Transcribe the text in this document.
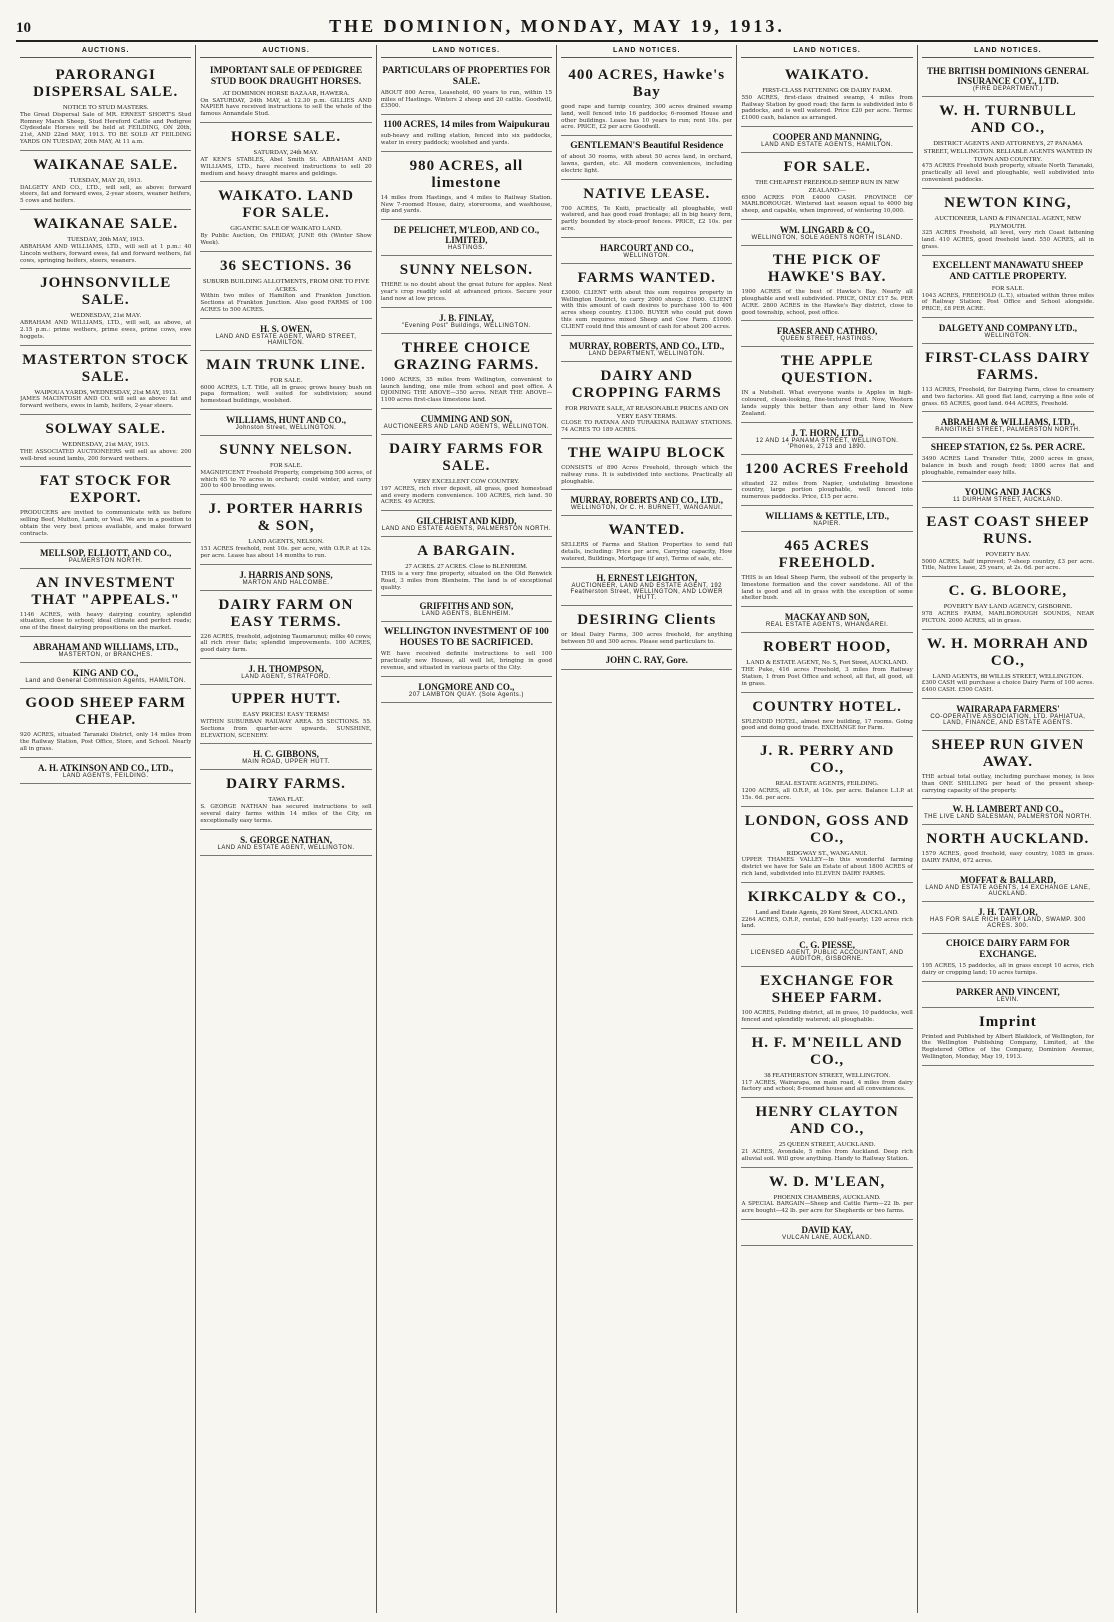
10	THE DOMINION, MONDAY, MAY 19, 1913.
AUCTIONS.
PARORANGI DISPERSAL SALE.
NOTICE TO STUD MASTERS.

The Great Dispersal Sale of MR. ERNEST SHORT'S Stud Romney Marsh Sheep, Stud Hereford Cattle and Pedigree Clydesdale Horses will be held at FEILDING, ON 20th, 21st, AND 22nd MAY, 1913. TO BE SOLD AT FEILDING YARDS ON TUESDAY, 20th MAY, At 11 a.m.

WAIKANAE SALE.
TUESDAY, MAY 20, 1913.

DALGETY AND CO., LTD., will sell, as above: forward steers, fat and forward ewes, 2-year steers, weaner heifers, 5 cows and heifers.

WAIKANAE SALE.
TUESDAY, 20th MAY, 1913.

ABRAHAM AND WILLIAMS, LTD., will sell at 1 p.m.: 40 Lincoln wethers, forward ewes, fat and forward wethers, fat cows, springing heifers, steers, weaners.

JOHNSONVILLE SALE.
WEDNESDAY, 21st MAY.

ABRAHAM AND WILLIAMS, LTD., will sell, as above, at 2.15 p.m.: prime wethers, prime ewes, prime cows, ewe hoggets.

MASTERTON STOCK SALE.
WAIPOUA YARDS, WEDNESDAY, 21st MAY, 1913.

JAMES MACINTOSH AND CO. will sell as above: fat and forward wethers, ewes in lamb, heifers, 2-year steers.

SOLWAY SALE.
WEDNESDAY, 21st MAY, 1913.

THE ASSOCIATED AUCTIONEERS will sell as above: 200 well-bred sound lambs, 200 forward wethers.

FAT STOCK FOR EXPORT.

PRODUCERS are invited to communicate with us before selling Beef, Mutton, Lamb, or Veal. We are in a position to obtain the very best prices available, and make forward contracts.

MELLSOP, ELLIOTT, AND CO.,
PALMERSTON NORTH.
AN INVESTMENT THAT "APPEALS."

1146 ACRES, with heavy dairying country, splendid situation, close to school; ideal climate and perfect roads; one of the finest dairying propositions on the market.

ABRAHAM AND WILLIAMS, LTD.,
MASTERTON, or BRANCHES.
KING AND CO.,
Land and General Commission Agents, HAMILTON.
GOOD SHEEP FARM CHEAP.

920 ACRES, situated Taranaki District, only 14 miles from the Railway Station, Post Office, Store, and School. Nearly all in grass.

A. H. ATKINSON AND CO., LTD.,
LAND AGENTS, FEILDING.
AUCTIONS.
IMPORTANT SALE OF PEDIGREE STUD BOOK DRAUGHT HORSES.
AT DOMINION HORSE BAZAAR, HAWERA.

On SATURDAY, 24th MAY, at 12.30 p.m. GILLIES AND NAPIER have received instructions to sell the whole of the famous Annandale Stud.

HORSE SALE.
SATURDAY, 24th MAY.

AT KEN'S STABLES, Abel Smith St. ABRAHAM AND WILLIAMS, LTD., have received instructions to sell 20 medium and heavy draught mares and geldings.

WAIKATO. LAND FOR SALE.
GIGANTIC SALE OF WAIKATO LAND.

By Public Auction, On FRIDAY, JUNE 6th (Winter Show Week).

36 SECTIONS. 36
SUBURB BUILDING ALLOTMENTS, FROM ONE TO FIVE ACRES.

Within two miles of Hamilton and Frankton Junction. Sections at Frankton Junction. Also good FARMS of 100 ACRES to 500 ACRES.

H. S. OWEN,
LAND AND ESTATE AGENT, WARD STREET, HAMILTON.
MAIN TRUNK LINE.
FOR SALE.

6000 ACRES, L.T. Title, all in grass; grows heavy bush on papa formation; well suited for subdivision; sound homestead buildings, woolshed.

WILLIAMS, HUNT AND CO.,
Johnston Street, WELLINGTON.
SUNNY NELSON.
FOR SALE.

MAGNIFICENT Freehold Property, comprising 500 acres, of which 65 to 70 acres in orchard; could winter, and carry 200 to 400 breeding ewes.

J. PORTER HARRIS & SON,
LAND AGENTS, NELSON.

151 ACRES freehold, rent 10s. per acre, with O.R.P. at 12s. per acre. Lease has about 14 months to run.

J. HARRIS AND SONS,
MARTON AND HALCOMBE.
DAIRY FARM ON EASY TERMS.

226 ACRES, freehold, adjoining Taumarunui; milks 40 cows; all rich river flats; splendid improvements. 100 ACRES, good dairy farm.

J. H. THOMPSON,
LAND AGENT, STRATFORD.
UPPER HUTT.
EASY PRICES! EASY TERMS!

WITHIN SUBURBAN RAILWAY AREA. 55 SECTIONS. 55. Sections from quarter-acre upwards. SUNSHINE, ELEVATION, SCENERY.

H. C. GIBBONS,
MAIN ROAD, UPPER HUTT.
DAIRY FARMS.
TAWA FLAT.

S. GEORGE NATHAN has secured instructions to sell several dairy farms within 14 miles of the City, on exceptionally easy terms.

S. GEORGE NATHAN,
LAND AND ESTATE AGENT, WELLINGTON.
LAND NOTICES.
PARTICULARS OF PROPERTIES FOR SALE.

ABOUT 800 Acres, Leasehold, 60 years to run, within 15 miles of Hastings. Winters 2 sheep and 20 cattle. Goodwill, £3500.

1100 ACRES, 14 miles from Waipukurau

sub-heavy and rolling station, fenced into six paddocks, water in every paddock; woolshed and yards.

980 ACRES, all limestone

14 miles from Hastings, and 4 miles to Railway Station. New 7-roomed House, dairy, storerooms, and washhouse, dip and yards.

DE PELICHET, M'LEOD, AND CO., LIMITED,
HASTINGS.
SUNNY NELSON.

THERE is no doubt about the great future for apples. Next year's crop readily sold at advanced prices. Secure your land now at low prices.

J. B. FINLAY,
"Evening Post" Buildings, WELLINGTON.
THREE CHOICE GRAZING FARMS.

1060 ACRES, 35 miles from Wellington, convenient to launch landing, one mile from school and post office. A DJOINING THE ABOVE—350 acres. NEAR THE ABOVE—1100 acres first-class limestone land.

CUMMING AND SON,
AUCTIONEERS AND LAND AGENTS, WELLINGTON.
DAIRY FARMS FOR SALE.
VERY EXCELLENT COW COUNTRY.

197 ACRES, rich river deposit, all grass, good homestead and every modern convenience. 100 ACRES, rich land. 50 ACRES. 49 ACRES.

GILCHRIST AND KIDD,
LAND AND ESTATE AGENTS, PALMERSTON NORTH.
A BARGAIN.
27 ACRES. 27 ACRES. Close to BLENHEIM.

THIS is a very fine property, situated on the Old Renwick Road, 3 miles from Blenheim. The land is of exceptional quality.

GRIFFITHS AND SON,
LAND AGENTS, BLENHEIM.
WELLINGTON INVESTMENT OF 100 HOUSES TO BE SACRIFICED.

WE have received definite instructions to sell 100 practically new Houses, all well let, bringing in good revenue, and situated in various parts of the City.

LONGMORE AND CO.,
207 LAMBTON QUAY. (Sole Agents.)
LAND NOTICES.
400 ACRES, Hawke's Bay

good rape and turnip country, 300 acres drained swamp land, well fenced into 16 paddocks; 6-roomed House and other buildings. Lease has 10 years to run; rent 10s. per acre. PRICE, £2 per acre Goodwill.

GENTLEMAN'S Beautiful Residence

of about 30 rooms, with about 50 acres land, in orchard, lawns, garden, etc. All modern conveniences, including electric light.

NATIVE LEASE.

700 ACRES, Te Kuiti, practically all ploughable, well watered, and has good road frontage; all in big heavy fern, partly bounded by stock-proof fences. PRICE, £2 10s. per acre.

HARCOURT AND CO.,
WELLINGTON.
FARMS WANTED.

£3000. CLIENT with about this sum requires property in Wellington District, to carry 2000 sheep. £1000. CLIENT with this amount of cash desires to purchase 100 to 400 acres sheep country. £1300. BUYER who could put down this sum requires mixed Sheep and Cow Farm. £1000. CLIENT could find this amount of cash for about 200 acres.

MURRAY, ROBERTS, AND CO., LTD.,
LAND DEPARTMENT, WELLINGTON.
DAIRY AND CROPPING FARMS
FOR PRIVATE SALE, AT REASONABLE PRICES AND ON VERY EASY TERMS.

CLOSE TO RATANA AND TURAKINA RAILWAY STATIONS. 74 ACRES TO 189 ACRES.

THE WAIPU BLOCK

CONSISTS of 890 Acres Freehold, through which the railway runs. It is subdivided into sections. Practically all ploughable.

MURRAY, ROBERTS AND CO., LTD.,
WELLINGTON, Or C. H. BURNETT, WANGANUI.
WANTED.

SELLERS of Farms and Station Properties to send full details, including: Price per acre, Carrying capacity, How watered, Buildings, Mortgage (if any), Terms of sale, etc.

H. ERNEST LEIGHTON,
AUCTIONEER, LAND AND ESTATE AGENT, 192 Featherston Street, WELLINGTON, AND LOWER HUTT.
DESIRING Clients

or Ideal Dairy Farms, 300 acres freehold, for anything between 50 and 300 acres. Please send particulars to.

JOHN C. RAY, Gore.
LAND NOTICES.
WAIKATO.
FIRST-CLASS FATTENING OR DAIRY FARM.

550 ACRES, first-class drained swamp, 4 miles from Railway Station by good road; the farm is subdivided into 6 paddocks, and is well watered. Price £20 per acre. Terms: £1000 cash, balance as arranged.

COOPER AND MANNING,
LAND AND ESTATE AGENTS, HAMILTON.
FOR SALE.
THE CHEAPEST FREEHOLD SHEEP RUN IN NEW ZEALAND—

6500 ACRES FOR £4000 CASH. PROVINCE OF MARLBOROUGH. Wintered last season equal to 4000 big sheep, and capable, when improved, of wintering 10,000.

WM. LINGARD & CO.,
WELLINGTON, SOLE AGENTS NORTH ISLAND.
THE PICK OF HAWKE'S BAY.

1900 ACRES of the best of Hawke's Bay. Nearly all ploughable and well subdivided. PRICE, ONLY £17 5s. PER ACRE. 2800 ACRES in the Hawke's Bay district, close to good township, school, post office.

FRASER AND CATHRO,
QUEEN STREET, HASTINGS.
THE APPLE QUESTION.

IN a Nutshell. What everyone wants is Apples in high-coloured, clean-looking, fine-textured fruit. Now, Western lands supply this better than any other land in New Zealand.

J. T. HORN, LTD.,
12 AND 14 PANAMA STREET, WELLINGTON. 'Phones, 2713 and 1890.
1200 ACRES Freehold

situated 22 miles from Napier, undulating limestone country, large portion ploughable, well fenced into numerous paddocks. Price, £15 per acre.

WILLIAMS & KETTLE, LTD.,
NAPIER.
465 ACRES FREEHOLD.

THIS is an Ideal Sheep Farm, the subsoil of the property is limestone formation and the cover sandstone. All of the land is good and all in grass with the exception of some shelter bush.

MACKAY AND SON,
REAL ESTATE AGENTS, WHANGAREI.
ROBERT HOOD,
LAND & ESTATE AGENT, No. 5, Fort Street, AUCKLAND.

THE Puke, 416 acres Freehold, 3 miles from Railway Station, 1 from Post Office and school, all flat, all good, all in grass.

COUNTRY HOTEL.

SPLENDID HOTEL, almost new building, 17 rooms. Going good and doing good trade. EXCHANGE for Farm.

J. R. PERRY AND CO.,
REAL ESTATE AGENTS, FEILDING.

1200 ACRES, all O.R.P., at 10s. per acre. Balance L.I.P. at 15s. 6d. per acre.

LONDON, GOSS AND CO.,
RIDGWAY ST., WANGANUI.

UPPER THAMES VALLEY—In this wonderful farming district we have for Sale an Estate of about 1800 ACRES of rich land, subdivided into ELEVEN DAIRY FARMS.

KIRKCALDY & CO.,
Land and Estate Agents, 29 Kent Street, AUCKLAND.

2264 ACRES, O.R.P., rental, £50 half-yearly; 120 acres rich land.

C. G. PIESSE,
LICENSED AGENT, PUBLIC ACCOUNTANT, AND AUDITOR, GISBORNE.
EXCHANGE FOR SHEEP FARM.

100 ACRES, Feilding district, all in grass, 10 paddocks, well fenced and splendidly watered; all ploughable.

H. F. M'NEILL AND CO.,
38 FEATHERSTON STREET, WELLINGTON.

117 ACRES, Wairarapa, on main road, 4 miles from dairy factory and school; 8-roomed house and all conveniences.

HENRY CLAYTON AND CO.,
25 QUEEN STREET, AUCKLAND.

21 ACRES, Avondale, 5 miles from Auckland. Deep rich alluvial soil. Will grow anything. Handy to Railway Station.

W. D. M'LEAN,
PHOENIX CHAMBERS, AUCKLAND.

A SPECIAL BARGAIN—Sheep and Cattle Farm—22 lb. per acre bought—42 lb. per acre for Shepherds or two farms.

DAVID KAY,
VULCAN LANE, AUCKLAND.
LAND NOTICES.
THE BRITISH DOMINIONS GENERAL INSURANCE COY., LTD.
(FIRE DEPARTMENT.)
W. H. TURNBULL AND CO.,
DISTRICT AGENTS AND ATTORNEYS, 27 PANAMA STREET, WELLINGTON. RELIABLE AGENTS WANTED IN TOWN AND COUNTRY.

475 ACRES Freehold bush property, situate North Taranaki, practically all level and ploughable, well subdivided into convenient paddocks.

NEWTON KING,
AUCTIONEER, LAND & FINANCIAL AGENT, NEW PLYMOUTH.

325 ACRES Freehold, all level, very rich Coast fattening land. 410 ACRES, good freehold land. 550 ACRES, all in grass.

EXCELLENT MANAWATU SHEEP AND CATTLE PROPERTY.
FOR SALE.

1043 ACRES, FREEHOLD (L.T.), situated within three miles of Railway Station; Post Office and School alongside. PRICE, £8 PER ACRE.

DALGETY AND COMPANY LTD.,
WELLINGTON.
FIRST-CLASS DAIRY FARMS.

113 ACRES, Freehold, for Dairying Farm, close to creamery and two factories. All good flat land, carrying a fine sole of grass. 65 ACRES, good land. 644 ACRES, Freehold.

ABRAHAM & WILLIAMS, LTD.,
RANGITIKEI STREET, PALMERSTON NORTH.
SHEEP STATION, £2 5s. PER ACRE.

3490 ACRES Land Transfer Title, 2000 acres in grass, balance in bush and rough feed; 1800 acres flat and ploughable, remainder easy hills.

YOUNG AND JACKS
11 DURHAM STREET, AUCKLAND.
EAST COAST SHEEP RUNS.
POVERTY BAY.

5000 ACRES, half improved; 7-sheep country, £3 per acre. Title, Native Lease, 25 years, at 2s. 6d. per acre.

C. G. BLOORE,
POVERTY BAY LAND AGENCY, GISBORNE.

978 ACRES FARM, MARLBOROUGH SOUNDS, NEAR PICTON. 2000 ACRES, all in grass.

W. H. MORRAH AND CO.,
LAND AGENTS, 88 WILLIS STREET, WELLINGTON.

£300 CASH will purchase a choice Dairy Farm of 100 acres. £400 CASH. £500 CASH.

WAIRARAPA FARMERS'
CO-OPERATIVE ASSOCIATION, LTD. PAHIATUA, LAND, FINANCE, AND ESTATE AGENTS.
SHEEP RUN GIVEN AWAY.

THE actual total outlay, including purchase money, is less than ONE SHILLING per head of the present sheep-carrying capacity of the property.

W. H. LAMBERT AND CO.,
THE LIVE LAND SALESMAN, PALMERSTON NORTH.
NORTH AUCKLAND.

1579 ACRES, good freehold, easy country, 1085 in grass. DAIRY FARM, 672 acres.

MOFFAT & BALLARD,
LAND AND ESTATE AGENTS, 14 EXCHANGE LANE, AUCKLAND.
J. H. TAYLOR,
HAS FOR SALE RICH DAIRY LAND, SWAMP. 300 ACRES. 300.
CHOICE DAIRY FARM FOR EXCHANGE.

195 ACRES, 15 paddocks, all in grass except 10 acres, rich dairy or cropping land; 10 acres turnips.

PARKER AND VINCENT,
LEVIN.
Imprint

Printed and Published by Albert Blaiklock, of Wellington, for the Wellington Publishing Company, Limited, at the Registered Office of the Company, Dominion Avenue, Wellington, Monday, May 19, 1913.
